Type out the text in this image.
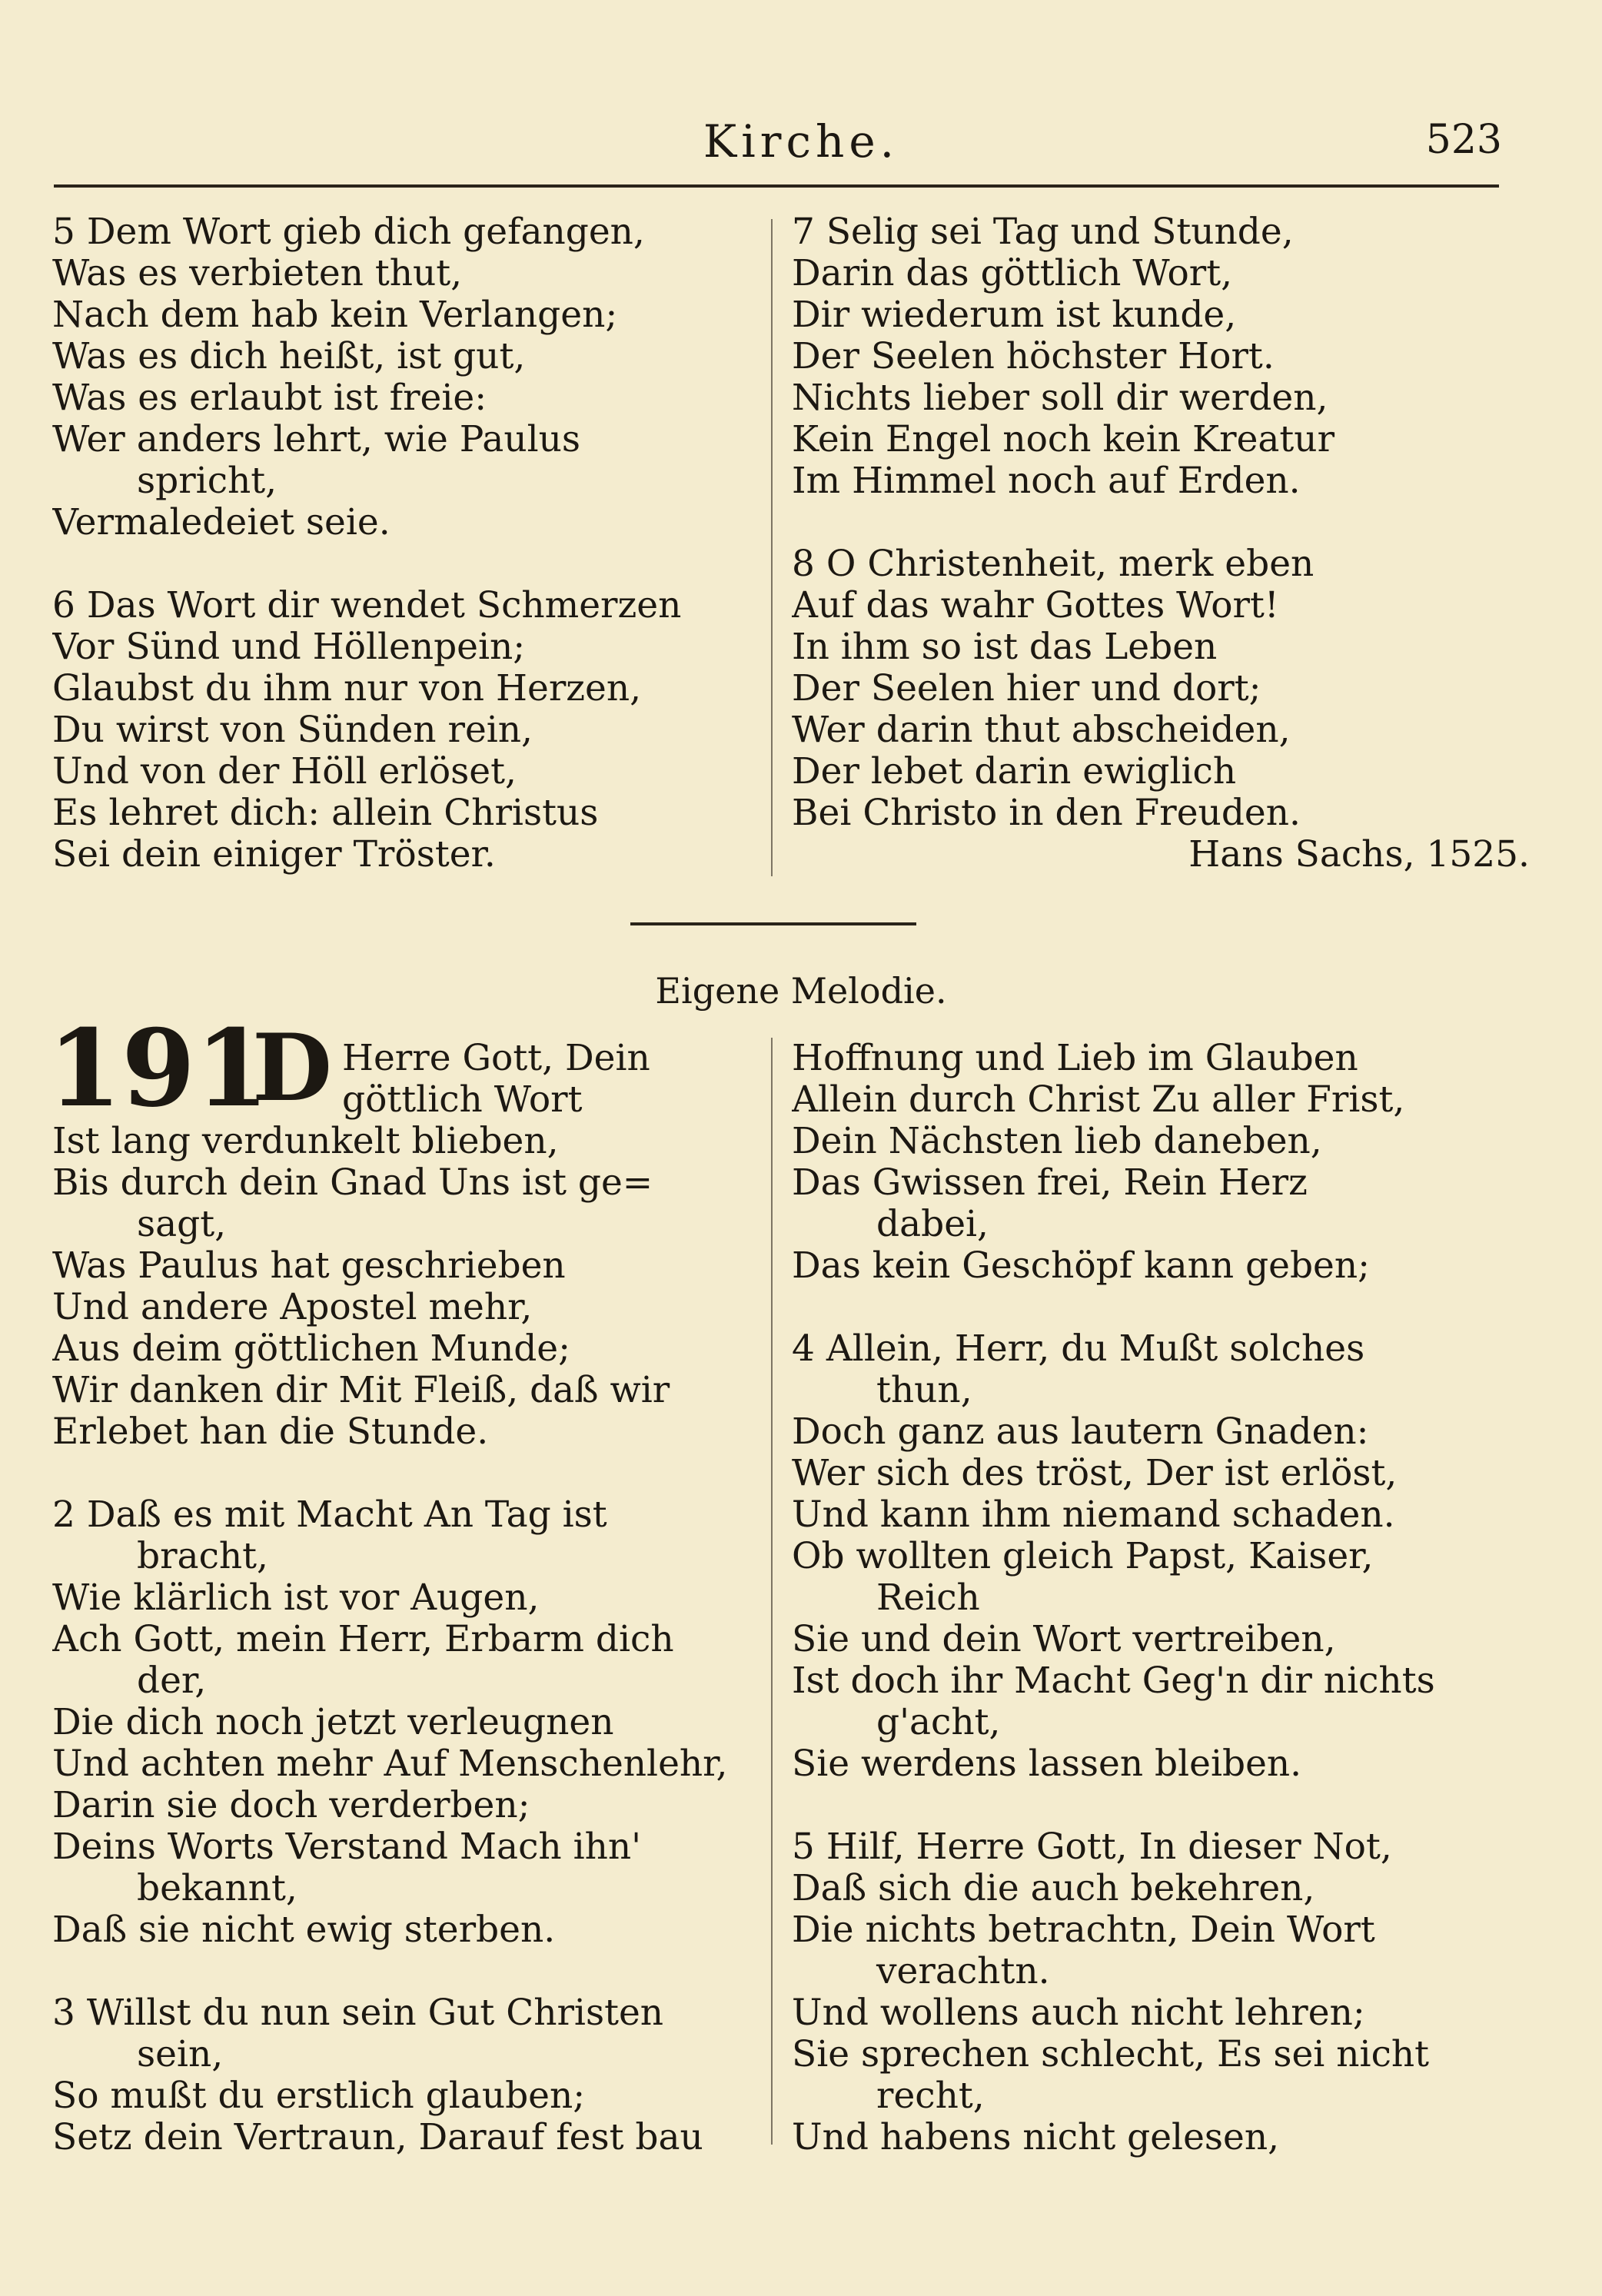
Kirche.	523
5 Dem Wort gieb dich gefangen,
Was es verbieten thut,
Nach dem hab kein Verlangen;
Was es dich heißt, ist gut,
Was es erlaubt ist freie:
Wer anders lehrt, wie Paulus
spricht,
Vermaledeiet seie.
6 Das Wort dir wendet Schmerzen
Vor Sünd und Höllenpein;
Glaubst du ihm nur von Herzen,
Du wirst von Sünden rein,
Und von der Höll erlöset,
Es lehret dich: allein Christus
Sei dein einiger Tröster.
7 Selig sei Tag und Stunde,
Darin das göttlich Wort,
Dir wiederum ist kunde,
Der Seelen höchster Hort.
Nichts lieber soll dir werden,
Kein Engel noch kein Kreatur
Im Himmel noch auf Erden.
8 O Christenheit, merk eben
Auf das wahr Gottes Wort!
In ihm so ist das Leben
Der Seelen hier und dort;
Wer darin thut abscheiden,
Der lebet darin ewiglich
Bei Christo in den Freuden.
Hans Sachs, 1525.
Eigene Melodie.
191
D Herre Gott, Dein
göttlich Wort
Ist lang verdunkelt blieben,
Bis durch dein Gnad Uns ist ge=
sagt,
Was Paulus hat geschrieben
Und andere Apostel mehr,
Aus deim göttlichen Munde;
Wir danken dir Mit Fleiß, daß wir
Erlebet han die Stunde.
2 Daß es mit Macht An Tag ist
bracht,
Wie klärlich ist vor Augen,
Ach Gott, mein Herr, Erbarm dich
der,
Die dich noch jetzt verleugnen
Und achten mehr Auf Menschenlehr,
Darin sie doch verderben;
Deins Worts Verstand Mach ihn'
bekannt,
Daß sie nicht ewig sterben.
3 Willst du nun sein Gut Christen
sein,
So mußt du erstlich glauben;
Setz dein Vertraun, Darauf fest bau
Hoffnung und Lieb im Glauben
Allein durch Christ Zu aller Frist,
Dein Nächsten lieb daneben,
Das Gwissen frei, Rein Herz
dabei,
Das kein Geschöpf kann geben;
4 Allein, Herr, du Mußt solches
thun,
Doch ganz aus lautern Gnaden:
Wer sich des tröst, Der ist erlöst,
Und kann ihm niemand schaden.
Ob wollten gleich Papst, Kaiser,
Reich
Sie und dein Wort vertreiben,
Ist doch ihr Macht Geg'n dir nichts
g'acht,
Sie werdens lassen bleiben.
5 Hilf, Herre Gott, In dieser Not,
Daß sich die auch bekehren,
Die nichts betrachtn, Dein Wort
verachtn.
Und wollens auch nicht lehren;
Sie sprechen schlecht, Es sei nicht
recht,
Und habens nicht gelesen,
